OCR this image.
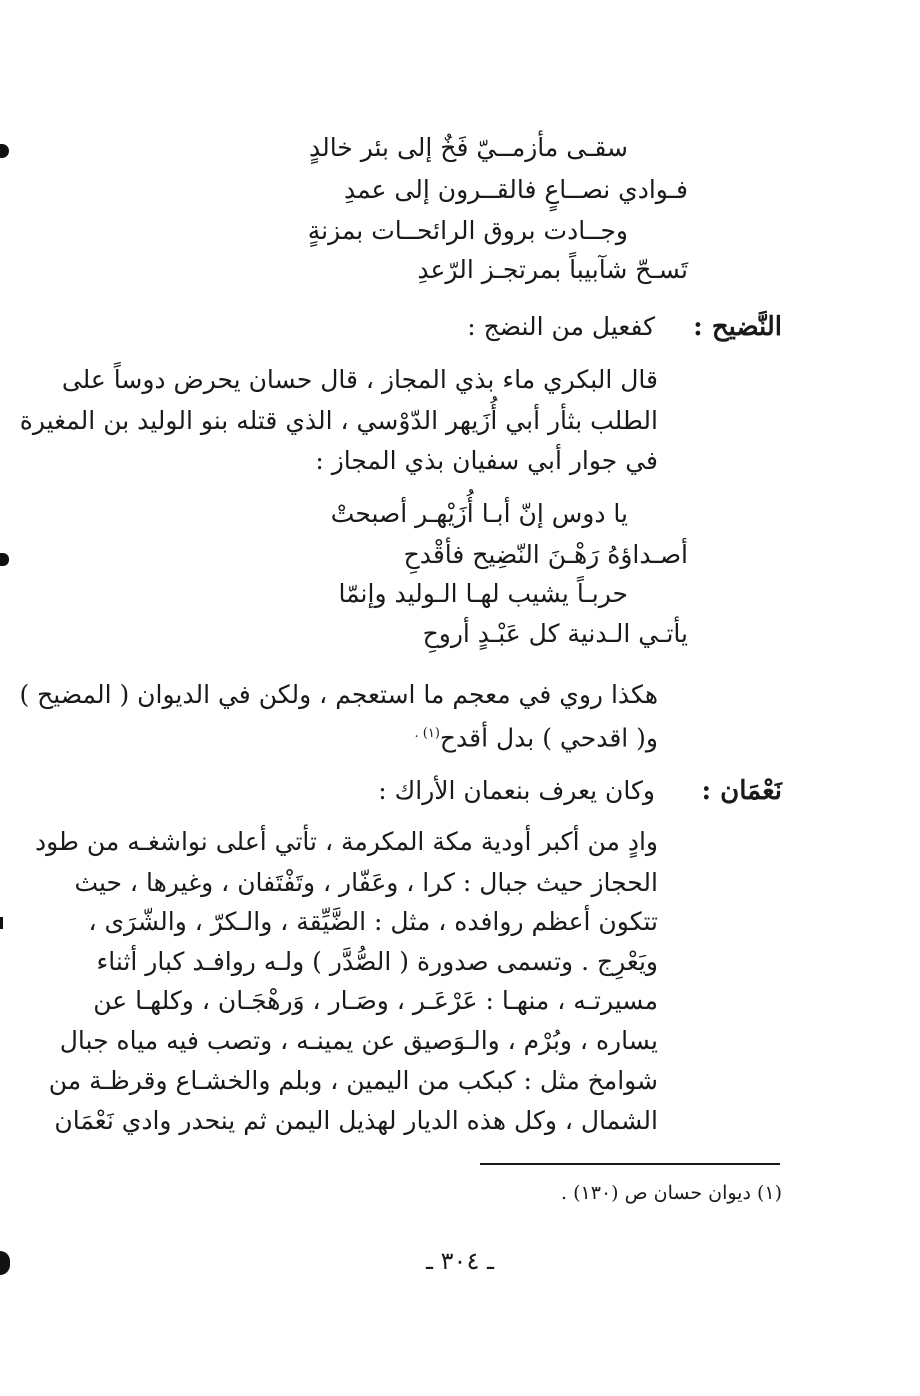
سقـى مأزمــيّ فَخٌ إلى بئر خالدٍ
فـوادي نصــاعٍ فالقــرون إلى عمدِ
وجــادت بروق الرائحــات بمزنةٍ
تَسـحّ شآبيباً بمرتجـز الرّعدِ
النَّضيح :
كفعيل من النضج :
قال البكري ماء بذي المجاز ، قال حسان يحرض دوساً على
الطلب بثأر أبي أُزَيهر الدّوْسي ، الذي قتله بنو الوليد بن المغيرة
في جوار أبي سفيان بذي المجاز :
يا دوس إنّ أبـا أُزَيْهـر أصبحتْ
أصـداؤهُ رَهْـنَ النّضِيح فأقْدحِ
حربـاً يشيب لهـا الـوليد وإنمّا
يأتـي الـدنية كل عَبْـدٍ أروحِ
هكذا روي في معجم ما استعجم ، ولكن في الديوان ( المضيح )
و( اقدحي ) بدل أقدح$^{(١) .}$
نَعْمَان :
وكان يعرف بنعمان الأراك :
وادٍ من أكبر أودية مكة المكرمة ، تأتي أعلى نواشغـه من طود
الحجاز حيث جبال : كرا ، وعَفّار ، وتَفْتَفان ، وغيرها ، حيث
تتكون أعظم روافده ، مثل : الضَّيِّقة ، والـكرّ ، والشّرَى ،
ويَعْرِج . وتسمى صدورة ( الصُّدَّر ) ولـه روافـد كبار أثناء
مسيرتـه ، منهـا : عَرْعَـر ، وصَـار ، وَرهْجَـان ، وكلهـا عن
يساره ، وبُرْم ، والـوَصيق عن يمينـه ، وتصب فيه مياه جبال
شوامخ مثل : كبكب من اليمين ، وبلم والخشـاع وقرظـة من
الشمال ، وكل هذه الديار لهذيل اليمن ثم ينحدر وادي نَعْمَان
(١) ديوان حسان ص (١٣٠) .
ـ ٣٠٤ ـ
